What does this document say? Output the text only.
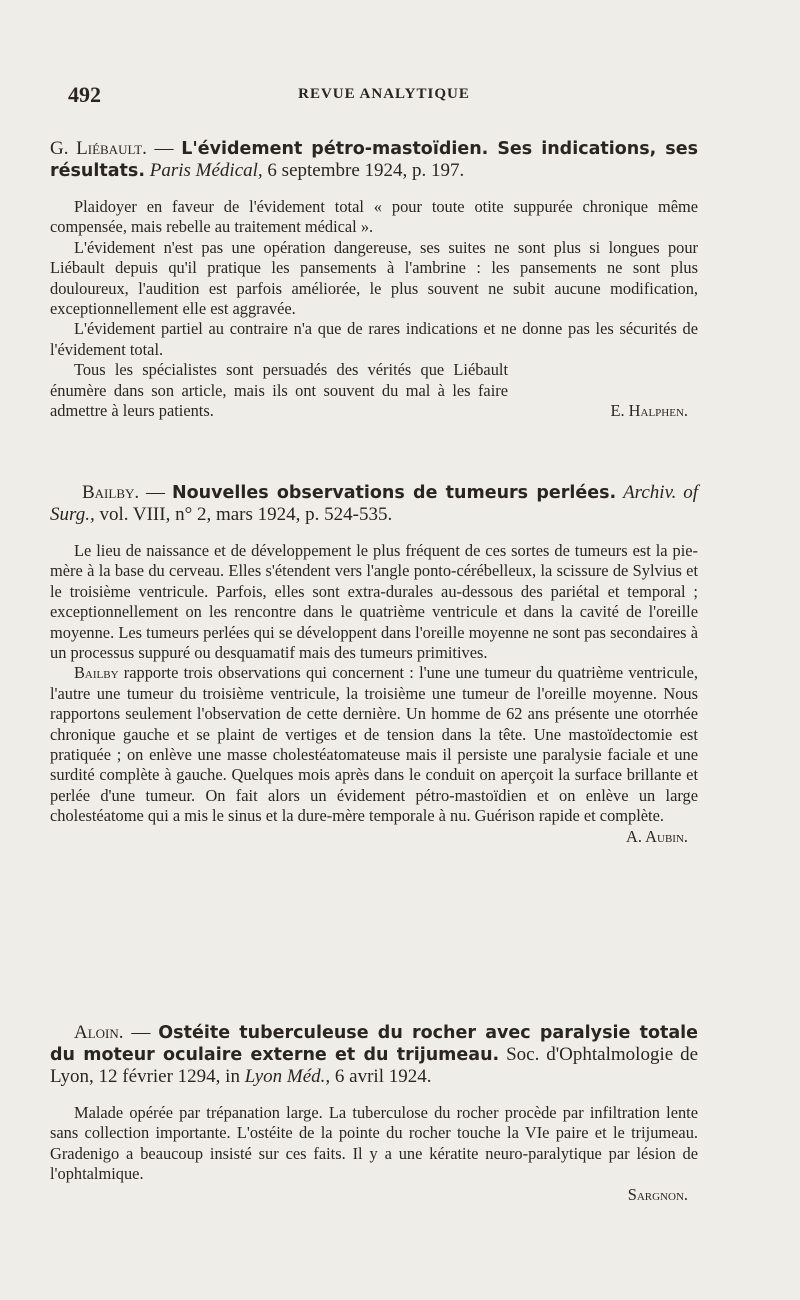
492	REVUE ANALYTIQUE

G. Liébault. — L'évidement pétro-mastoïdien. Ses indications, ses résultats. Paris Médical, 6 septembre 1924, p. 197.

Plaidoyer en faveur de l'évidement total « pour toute otite suppurée chronique même compensée, mais rebelle au traitement médical ».

L'évidement n'est pas une opération dangereuse, ses suites ne sont plus si longues pour Liébault depuis qu'il pratique les pansements à l'ambrine : les pansements ne sont plus douloureux, l'audition est parfois améliorée, le plus souvent ne subit aucune modification, exceptionnellement elle est aggravée.

L'évidement partiel au contraire n'a que de rares indications et ne donne pas les sécurités de l'évidement total.

Tous les spécialistes sont persuadés des vérités que Liébault énumère dans son article, mais ils ont souvent du mal à les faire admettre à leurs patients.	E. Halphen.

Bailby. — Nouvelles observations de tumeurs perlées. Archiv. of Surg., vol. VIII, n° 2, mars 1924, p. 524-535.

Le lieu de naissance et de développement le plus fréquent de ces sortes de tumeurs est la pie-mère à la base du cerveau. Elles s'étendent vers l'angle ponto-cérébelleux, la scissure de Sylvius et le troisième ventricule. Parfois, elles sont extra-durales au-dessous des pariétal et temporal ; exceptionnellement on les rencontre dans le quatrième ventricule et dans la cavité de l'oreille moyenne. Les tumeurs perlées qui se développent dans l'oreille moyenne ne sont pas secondaires à un processus suppuré ou desquamatif mais des tumeurs primitives.

Bailby rapporte trois observations qui concernent : l'une une tumeur du quatrième ventricule, l'autre une tumeur du troisième ventricule, la troisième une tumeur de l'oreille moyenne. Nous rapportons seulement l'observation de cette dernière. Un homme de 62 ans présente une otorrhée chronique gauche et se plaint de vertiges et de tension dans la tête. Une mastoïdectomie est pratiquée ; on enlève une masse cholestéatomateuse mais il persiste une paralysie faciale et une surdité complète à gauche. Quelques mois après dans le conduit on aperçoit la surface brillante et perlée d'une tumeur. On fait alors un évidement pétro-mastoïdien et on enlève un large cholestéatome qui a mis le sinus et la dure-mère temporale à nu. Guérison rapide et complète.

A. Aubin.

Aloin. — Ostéite tuberculeuse du rocher avec paralysie totale du moteur oculaire externe et du trijumeau. Soc. d'Ophtalmologie de Lyon, 12 février 1294, in Lyon Méd., 6 avril 1924.

Malade opérée par trépanation large. La tuberculose du rocher procède par infiltration lente sans collection importante. L'ostéite de la pointe du rocher touche la VIe paire et le trijumeau. Gradenigo a beaucoup insisté sur ces faits. Il y a une kératite neuro-paralytique par lésion de l'ophtalmique.

Sargnon.
